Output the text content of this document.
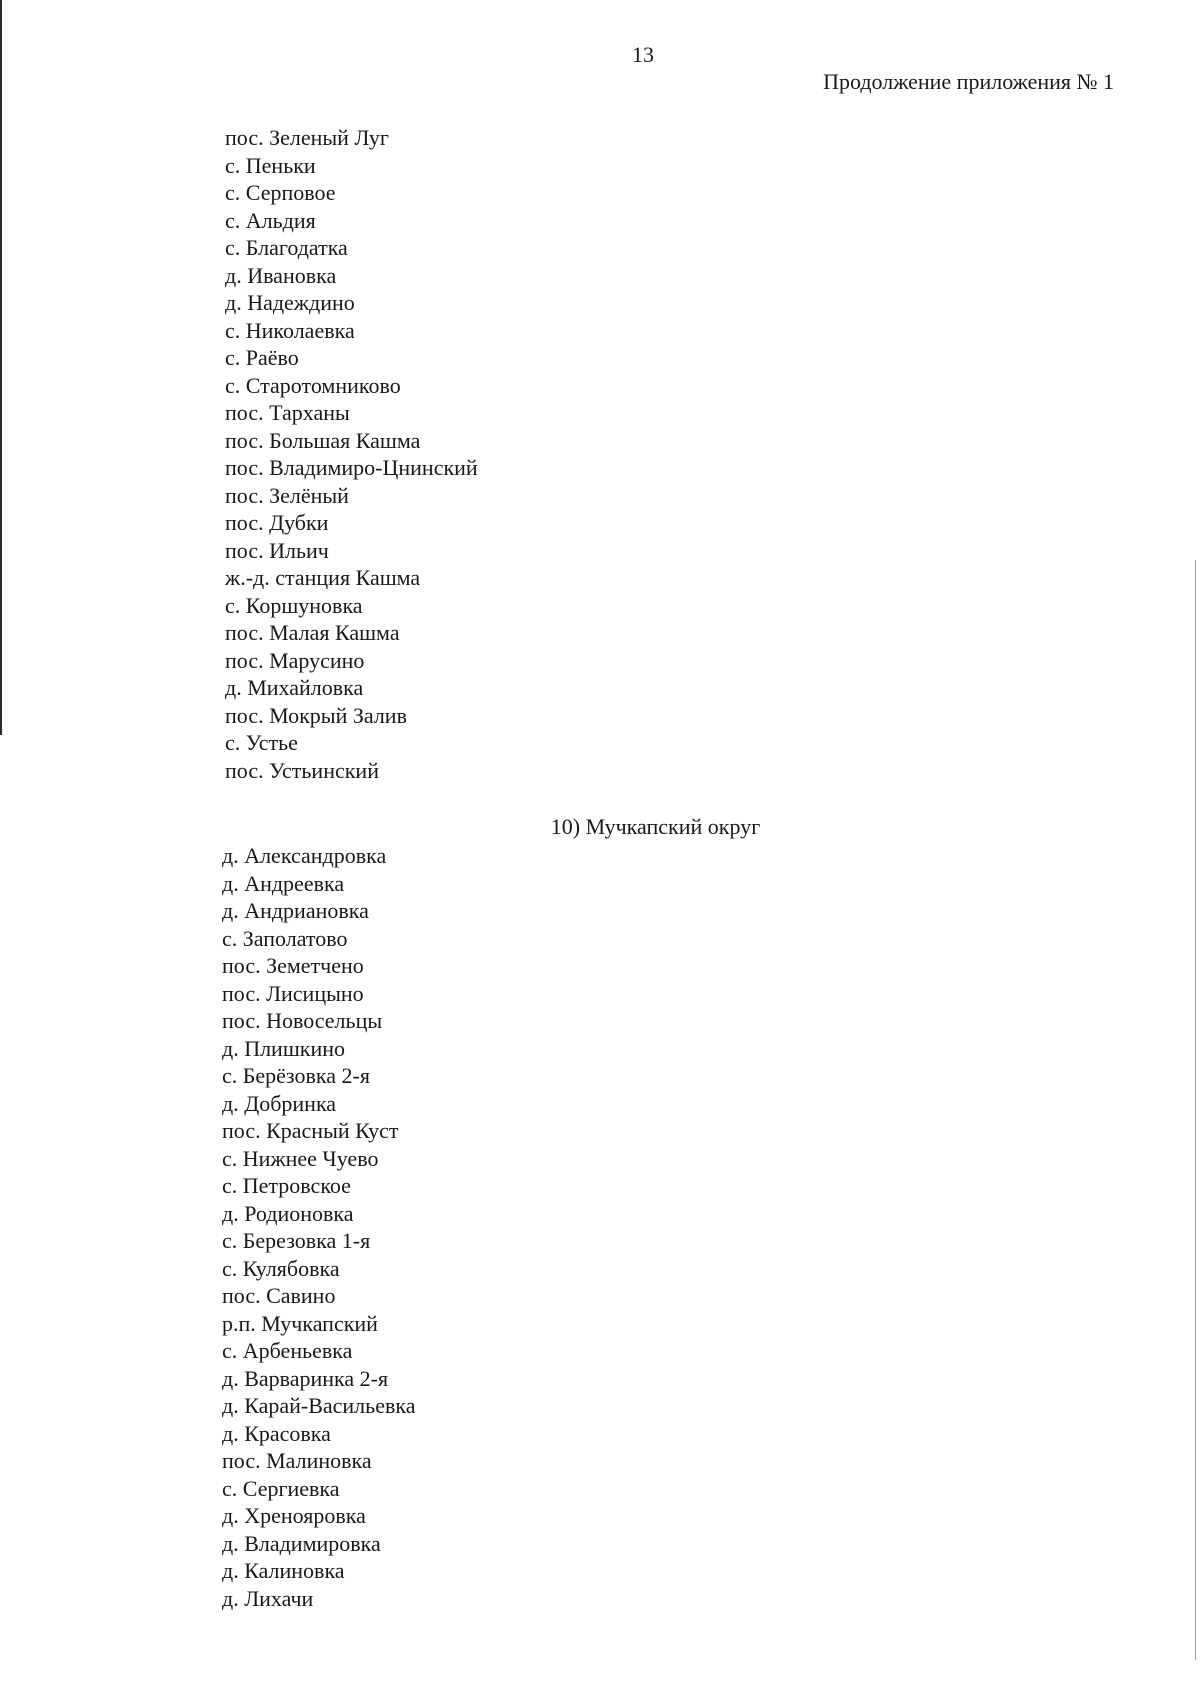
13
Продолжение приложения № 1
пос. Зеленый Луг
с. Пеньки
с. Серповое
с. Альдия
с. Благодатка
д. Ивановка
д. Надеждино
с. Николаевка
с. Раёво
с. Старотомниково
пос. Тарханы
пос. Большая Кашма
пос. Владимиро-Цнинский
пос. Зелёный
пос. Дубки
пос. Ильич
ж.-д. станция Кашма
с. Коршуновка
пос. Малая Кашма
пос. Марусино
д. Михайловка
пос. Мокрый Залив
с. Устье
пос. Устьинский
10) Мучкапский округ
д. Александровка
д. Андреевка
д. Андриановка
с. Заполатово
пос. Земетчено
пос. Лисицыно
пос. Новосельцы
д. Плишкино
с. Берёзовка 2-я
д. Добринка
пос. Красный Куст
с. Нижнее Чуево
с. Петровское
д. Родионовка
с. Березовка 1-я
с. Кулябовка
пос. Савино
р.п. Мучкапский
с. Арбеньевка
д. Варваринка 2-я
д. Карай-Васильевка
д. Красовка
пос. Малиновка
с. Сергиевка
д. Хренояровка
д. Владимировка
д. Калиновка
д. Лихачи
